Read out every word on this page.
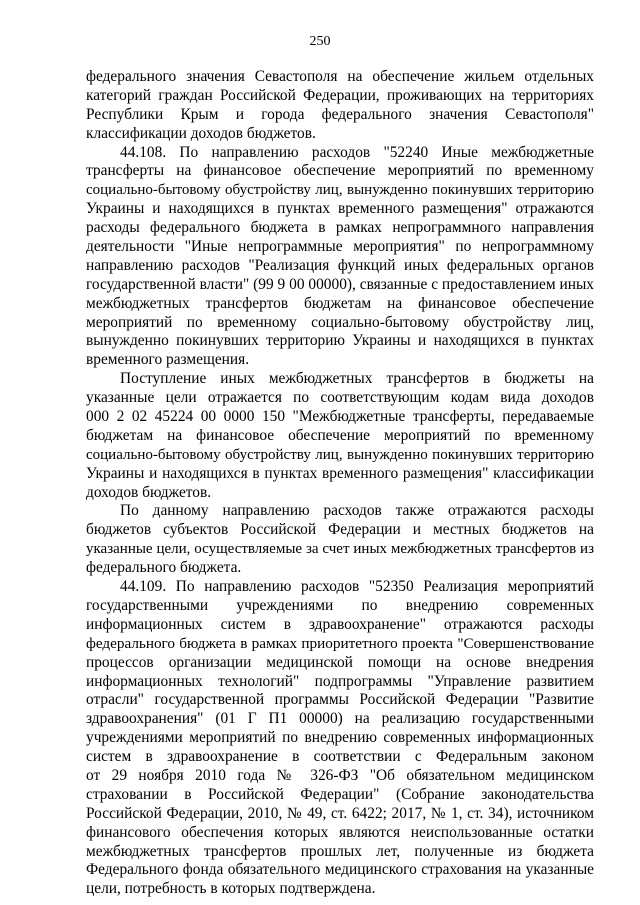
250
федерального значения Севастополя на обеспечение жильем отдельных
категорий граждан Российской Федерации, проживающих на территориях
Республики Крым и города федерального значения Севастополя"
классификации доходов бюджетов.
44.108. По направлению расходов "52240 Иные межбюджетные
трансферты на финансовое обеспечение мероприятий по временному
социально-бытовому обустройству лиц, вынужденно покинувших территорию
Украины и находящихся в пунктах временного размещения" отражаются
расходы федерального бюджета в рамках непрограммного направления
деятельности "Иные непрограммные мероприятия" по непрограммному
направлению расходов "Реализация функций иных федеральных органов
государственной власти" (99 9 00 00000), связанные с предоставлением иных
межбюджетных трансфертов бюджетам на финансовое обеспечение
мероприятий по временному социально-бытовому обустройству лиц,
вынужденно покинувших территорию Украины и находящихся в пунктах
временного размещения.
Поступление иных межбюджетных трансфертов в бюджеты на
указанные цели отражается по соответствующим кодам вида доходов
000 2 02 45224 00 0000 150 "Межбюджетные трансферты, передаваемые
бюджетам на финансовое обеспечение мероприятий по временному
социально-бытовому обустройству лиц, вынужденно покинувших территорию
Украины и находящихся в пунктах временного размещения" классификации
доходов бюджетов.
По данному направлению расходов также отражаются расходы
бюджетов субъектов Российской Федерации и местных бюджетов на
указанные цели, осуществляемые за счет иных межбюджетных трансфертов из
федерального бюджета.
44.109. По направлению расходов "52350 Реализация мероприятий
государственными учреждениями по внедрению современных
информационных систем в здравоохранение" отражаются расходы
федерального бюджета в рамках приоритетного проекта "Совершенствование
процессов организации медицинской помощи на основе внедрения
информационных технологий" подпрограммы "Управление развитием
отрасли" государственной программы Российской Федерации "Развитие
здравоохранения" (01 Г П1 00000) на реализацию государственными
учреждениями мероприятий по внедрению современных информационных
систем в здравоохранение в соответствии с Федеральным законом
от 29 ноября 2010 года № 326-ФЗ "Об обязательном медицинском
страховании в Российской Федерации" (Собрание законодательства
Российской Федерации, 2010, № 49, ст. 6422; 2017, № 1, ст. 34), источником
финансового обеспечения которых являются неиспользованные остатки
межбюджетных трансфертов прошлых лет, полученные из бюджета
Федерального фонда обязательного медицинского страхования на указанные
цели, потребность в которых подтверждена.
